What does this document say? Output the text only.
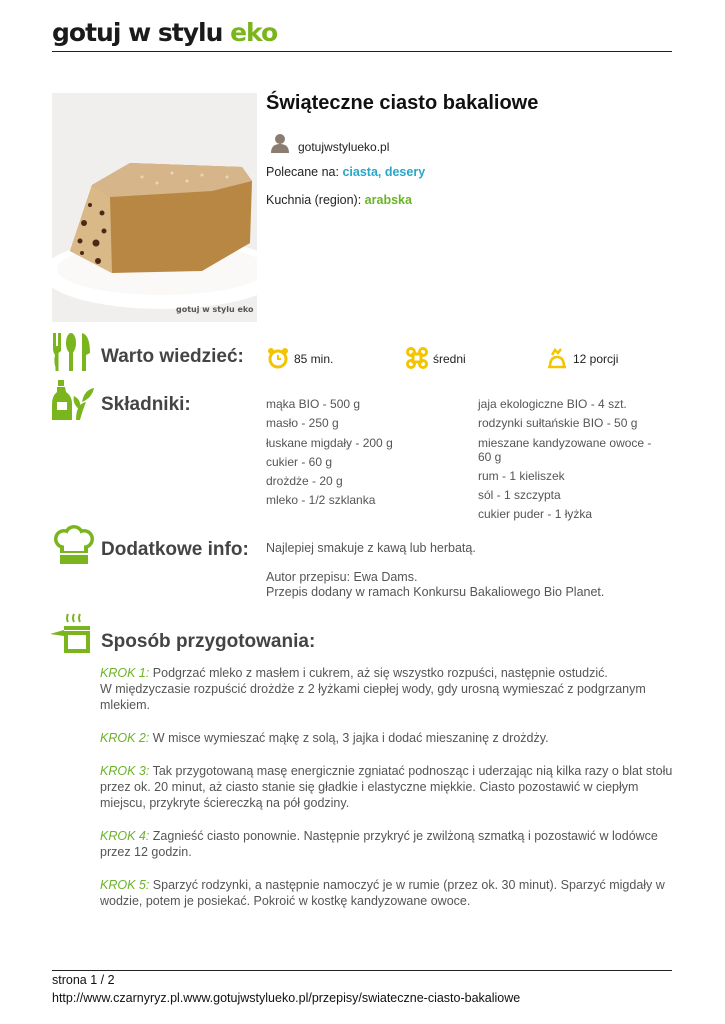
gotuj w stylu eko
gotuj w stylu eko
Świąteczne ciasto bakaliowe
gotujwstylueko.pl
Polecane na: ciasta, desery
Kuchnia (region): arabska
Warto wiedzieć:	85 min.	średni	12 porcji
Składniki:	mąka BIO - 500 g
masło - 250 g
łuskane migdały - 200 g
cukier - 60 g
drożdże - 20 g
mleko - 1/2 szklanka
jaja ekologiczne BIO - 4 szt.
rodzynki sułtańskie BIO - 50 g
mieszane kandyzowane owoce -
60 g
rum - 1 kieliszek
sól - 1 szczypta
cukier puder - 1 łyżka
Dodatkowe info: Najlepiej smakuje z kawą lub herbatą.
Autor przepisu: Ewa Dams.
Przepis dodany w ramach Konkursu Bakaliowego Bio Planet.
Sposób przygotowania:
KROK 1: Podgrzać mleko z masłem i cukrem, aż się wszystko rozpuści, następnie ostudzić.
W międzyczasie rozpuścić drożdże z 2 łyżkami ciepłej wody, gdy urosną wymieszać z podgrzanym mlekiem.
KROK 2: W misce wymieszać mąkę z solą, 3 jajka i dodać mieszaninę z drożdży.
KROK 3: Tak przygotowaną masę energicznie zgniatać podnosząc i uderzając nią kilka razy o blat stołu przez ok. 20 minut, aż ciasto stanie się gładkie i elastyczne miękkie. Ciasto pozostawić w ciepłym miejscu, przykryte ściereczką na pół godziny.
KROK 4: Zagnieść ciasto ponownie. Następnie przykryć je zwilżoną szmatką i pozostawić w lodówce przez 12 godzin.
KROK 5: Sparzyć rodzynki, a następnie namoczyć je w rumie (przez ok. 30 minut). Sparzyć migdały w wodzie, potem je posiekać. Pokroić w kostkę kandyzowane owoce.
strona 1 / 2
http://www.czarnyryz.pl.www.gotujwstylueko.pl/przepisy/swiateczne-ciasto-bakaliowe
